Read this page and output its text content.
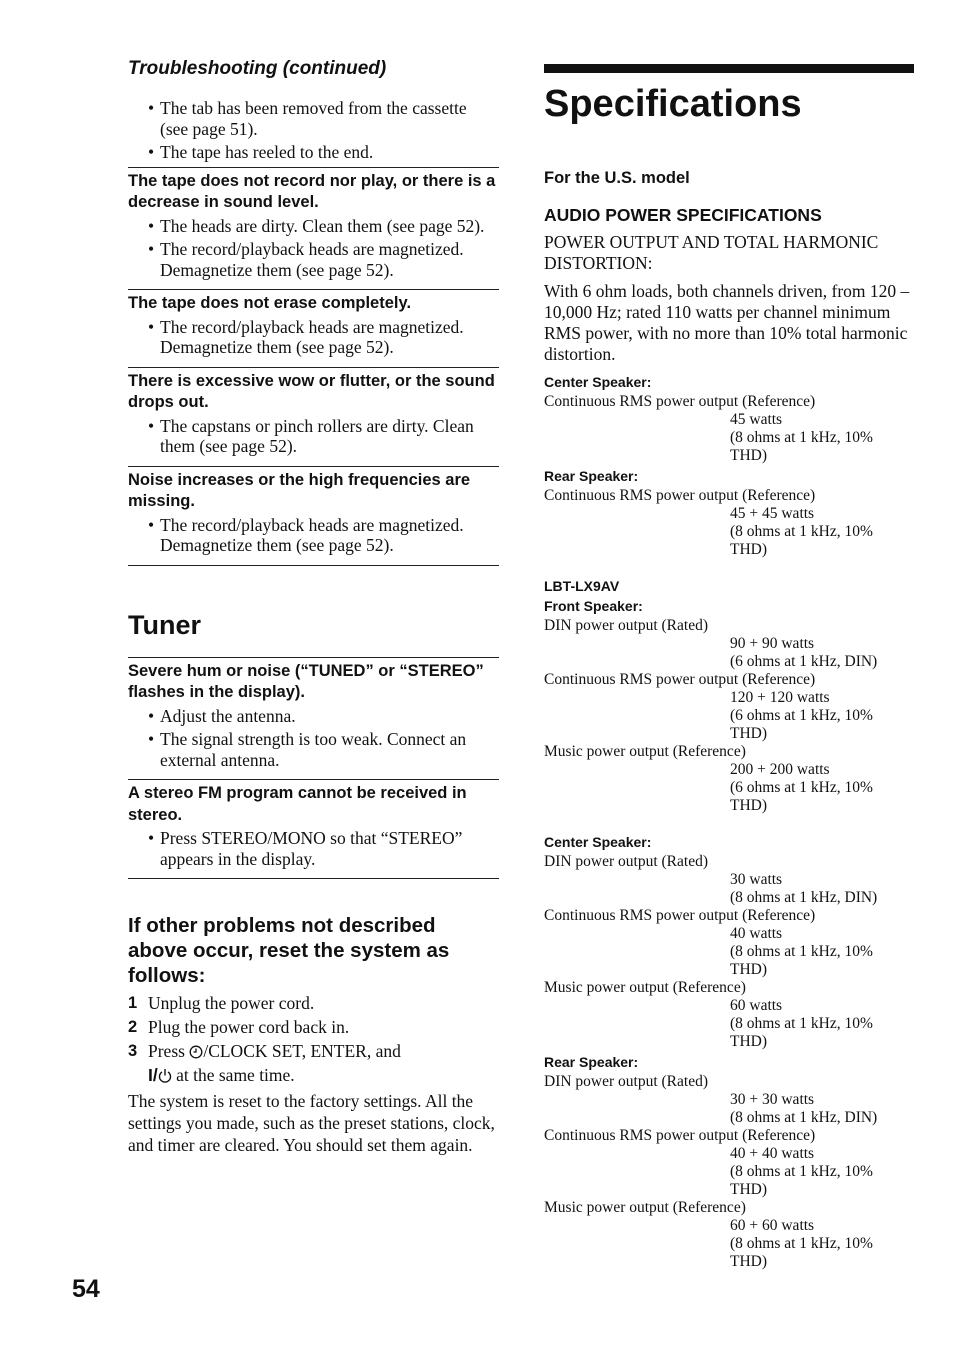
Troubleshooting (continued)
• The tab has been removed from the cassette (see page 51).
• The tape has reeled to the end.
The tape does not record nor play, or there is a decrease in sound level.
• The heads are dirty. Clean them (see page 52).
• The record/playback heads are magnetized. Demagnetize them (see page 52).
The tape does not erase completely.
• The record/playback heads are magnetized. Demagnetize them (see page 52).
There is excessive wow or flutter, or the sound drops out.
• The capstans or pinch rollers are dirty. Clean them (see page 52).
Noise increases or the high frequencies are missing.
• The record/playback heads are magnetized. Demagnetize them (see page 52).
Tuner
Severe hum or noise (“TUNED” or “STEREO” flashes in the display).
• Adjust the antenna.
• The signal strength is too weak. Connect an external antenna.
A stereo FM program cannot be received in stereo.
• Press STEREO/MONO so that “STEREO” appears in the display.
If other problems not described above occur, reset the system as follows:
1 Unplug the power cord.
2 Plug the power cord back in.
3 Press /CLOCK SET, ENTER, and
I/ at the same time.

The system is reset to the factory settings. All the settings you made, such as the preset stations, clock, and timer are cleared. You should set them again.

54
Specifications
For the U.S. model
AUDIO POWER SPECIFICATIONS

POWER OUTPUT AND TOTAL HARMONIC DISTORTION:

With 6 ohm loads, both channels driven, from 120 – 10,000 Hz; rated 110 watts per channel minimum RMS power, with no more than 10% total harmonic distortion.

Center Speaker:

Continuous RMS power output (Reference)

45 watts

(8 ohms at 1 kHz, 10%

THD)

Rear Speaker:

Continuous RMS power output (Reference)

45 + 45 watts

(8 ohms at 1 kHz, 10%

THD)

LBT-LX9AV
Front Speaker:

DIN power output (Rated)

90 + 90 watts

(6 ohms at 1 kHz, DIN)

Continuous RMS power output (Reference)

120 + 120 watts

(6 ohms at 1 kHz, 10%

THD)

Music power output (Reference)

200 + 200 watts

(6 ohms at 1 kHz, 10%

THD)

Center Speaker:

DIN power output (Rated)

30 watts

(8 ohms at 1 kHz, DIN)

Continuous RMS power output (Reference)

40 watts

(8 ohms at 1 kHz, 10%

THD)

Music power output (Reference)

60 watts

(8 ohms at 1 kHz, 10%

THD)

Rear Speaker:

DIN power output (Rated)

30 + 30 watts

(8 ohms at 1 kHz, DIN)

Continuous RMS power output (Reference)

40 + 40 watts

(8 ohms at 1 kHz, 10%

THD)

Music power output (Reference)

60 + 60 watts

(8 ohms at 1 kHz, 10%

THD)
